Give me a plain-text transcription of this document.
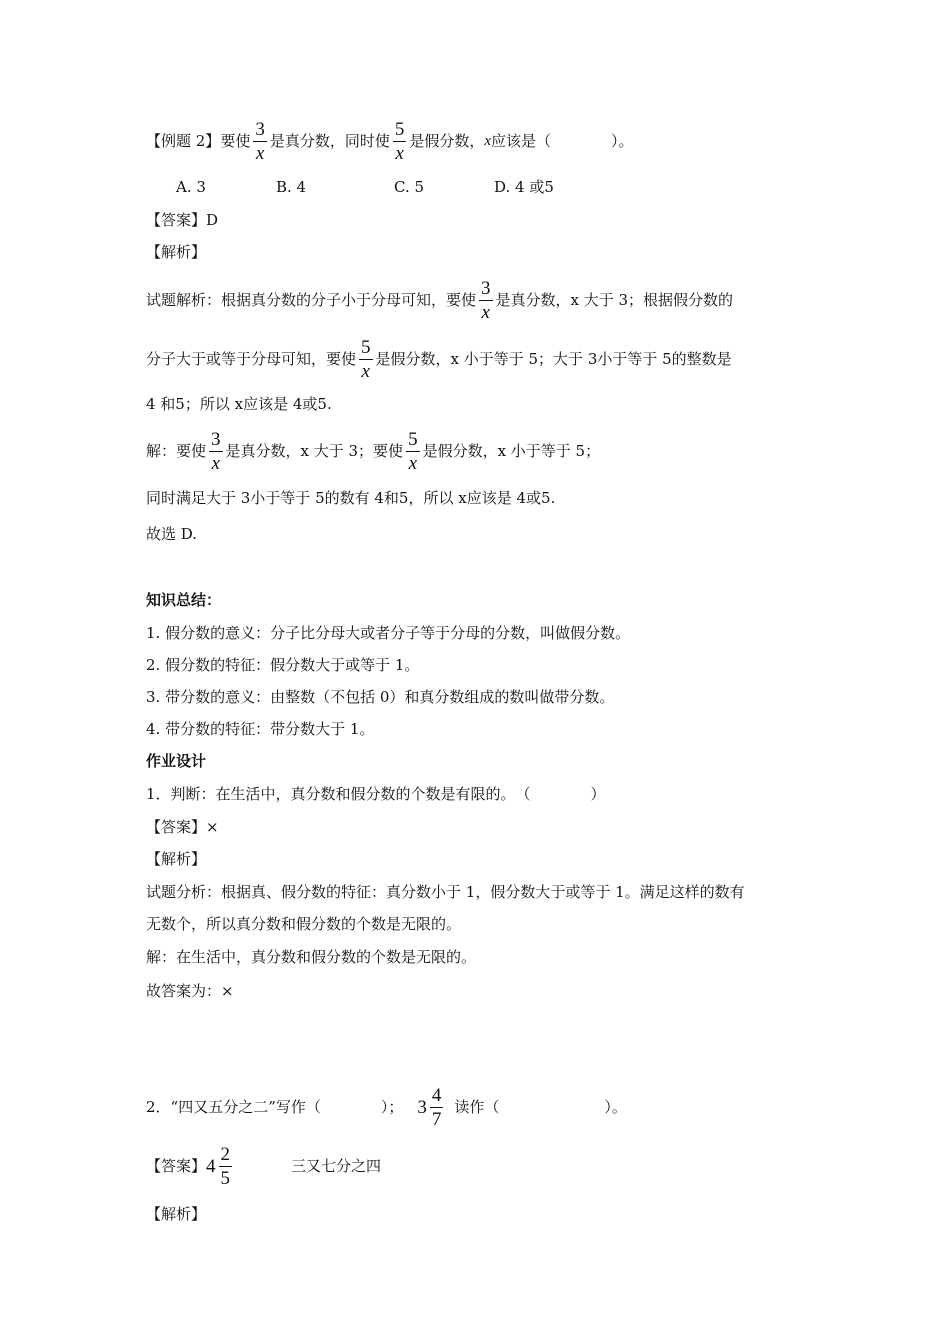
【例题 2】 要使 $\frac{3}{x}$ 是真分数，同时使 $\frac{5}{x}$ 是假分数， x 应该是（　　　　）。
A. 3	B. 4	C. 5	D. 4 或5
【答案】D
【解析】
试题解析：根据真分数的分子小于分母可知，要使 $\frac{3}{x}$ 是真分数，x 大于 3；根据假分数的
分子大于或等于分母可知，要使 $\frac{5}{x}$ 是假分数，x 小于等于 5；大于 3小于等于 5的整数是
4 和5；所以 x应该是 4或5.
解：要使 $\frac{3}{x}$ 是真分数，x 大于 3；要使 $\frac{5}{x}$ 是假分数，x 小于等于 5；
同时满足大于 3小于等于 5的数有 4和5，所以 x应该是 4或5.
故选 D.
知识总结：
1. 假分数的意义：分子比分母大或者分子等于分母的分数，叫做假分数。
2. 假分数的特征：假分数大于或等于 1。
3. 带分数的意义：由整数（不包括 0）和真分数组成的数叫做带分数。
4. 带分数的特征：带分数大于 1。
作业设计
1．判断：在生活中，真分数和假分数的个数是有限的。　（　　　　）
【答案】×
【解析】
试题分析：根据真、假分数的特征：真分数小于 1，假分数大于或等于 1。满足这样的数有
无数个，所以真分数和假分数的个数是无限的。
解：在生活中，真分数和假分数的个数是无限的。
故答案为：×
2．“四又五分之二”写作（　　　　）； $3 \frac{4}{7}$ 读作（　　　　　　　）。
【答案】 $4 \frac{2}{5}$	三又七分之四
【解析】
